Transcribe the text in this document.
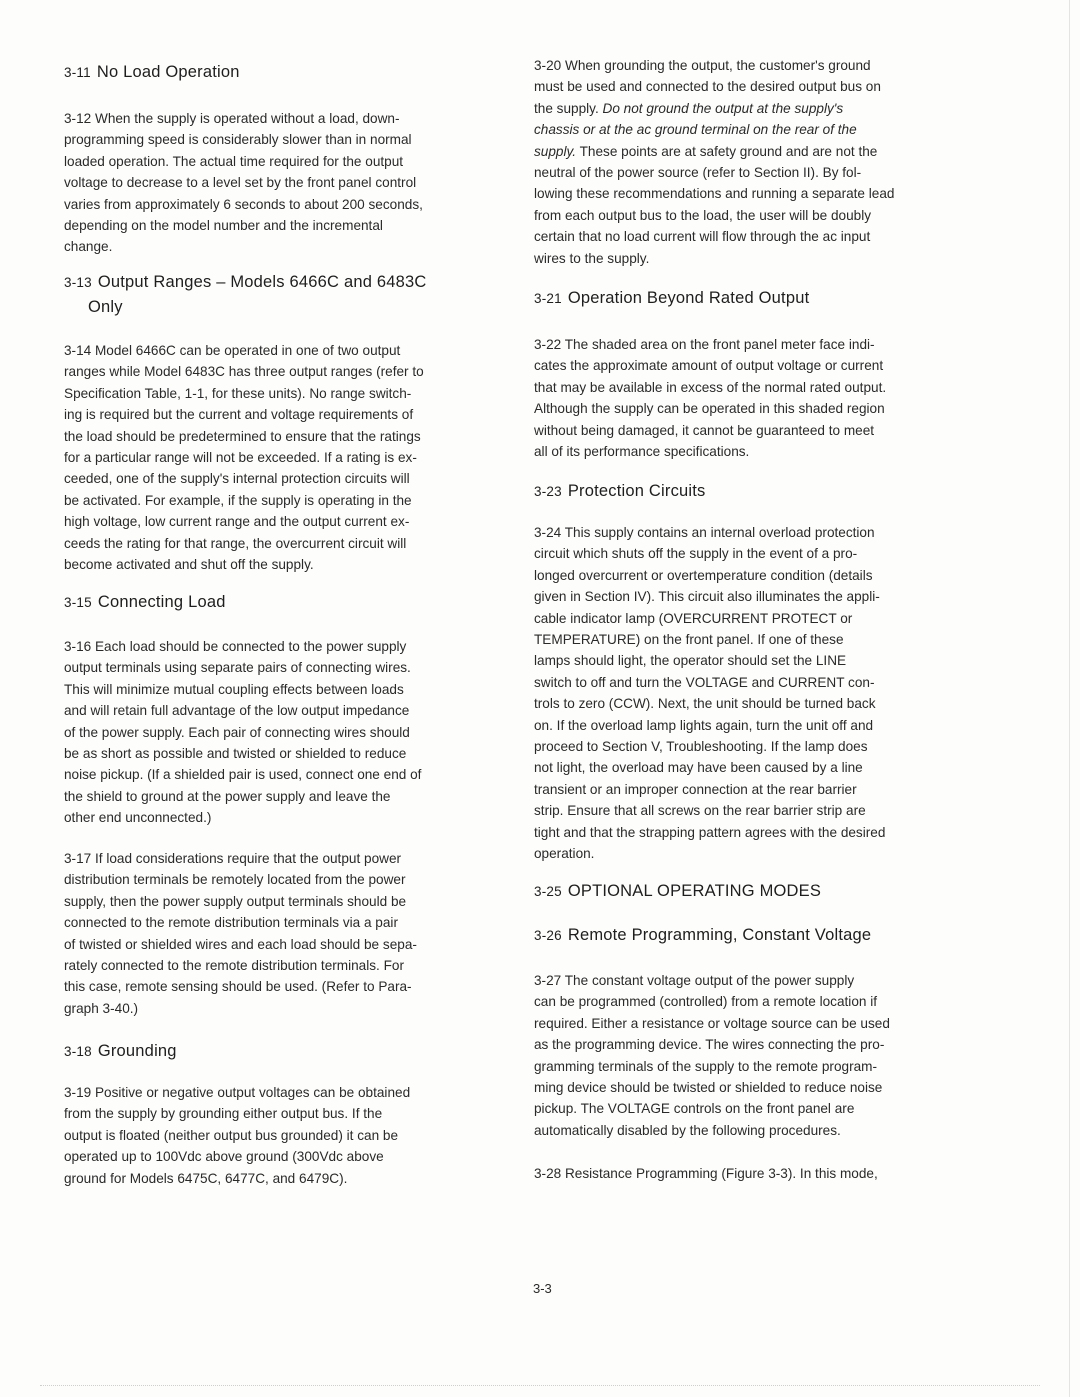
3-11 No Load Operation
3-12 When the supply is operated without a load, down-
programming speed is considerably slower than in normal
loaded operation. The actual time required for the output
voltage to decrease to a level set by the front panel control
varies from approximately 6 seconds to about 200 seconds,
depending on the model number and the incremental
change.
3-13 Output Ranges – Models 6466C and 6483C
Only
3-14 Model 6466C can be operated in one of two output
ranges while Model 6483C has three output ranges (refer to
Specification Table, 1-1, for these units). No range switch-
ing is required but the current and voltage requirements of
the load should be predetermined to ensure that the ratings
for a particular range will not be exceeded. If a rating is ex-
ceeded, one of the supply's internal protection circuits will
be activated. For example, if the supply is operating in the
high voltage, low current range and the output current ex-
ceeds the rating for that range, the overcurrent circuit will
become activated and shut off the supply.
3-15 Connecting Load
3-16 Each load should be connected to the power supply
output terminals using separate pairs of connecting wires.
This will minimize mutual coupling effects between loads
and will retain full advantage of the low output impedance
of the power supply. Each pair of connecting wires should
be as short as possible and twisted or shielded to reduce
noise pickup. (If a shielded pair is used, connect one end of
the shield to ground at the power supply and leave the
other end unconnected.)
3-17 If load considerations require that the output power
distribution terminals be remotely located from the power
supply, then the power supply output terminals should be
connected to the remote distribution terminals via a pair
of twisted or shielded wires and each load should be sepa-
rately connected to the remote distribution terminals. For
this case, remote sensing should be used. (Refer to Para-
graph 3-40.)
3-18 Grounding
3-19 Positive or negative output voltages can be obtained
from the supply by grounding either output bus. If the
output is floated (neither output bus grounded) it can be
operated up to 100Vdc above ground (300Vdc above
ground for Models 6475C, 6477C, and 6479C).
3-20 When grounding the output, the customer's ground
must be used and connected to the desired output bus on
the supply. Do not ground the output at the supply's
chassis or at the ac ground terminal on the rear of the
supply. These points are at safety ground and are not the
neutral of the power source (refer to Section II). By fol-
lowing these recommendations and running a separate lead
from each output bus to the load, the user will be doubly
certain that no load current will flow through the ac input
wires to the supply.
3-21 Operation Beyond Rated Output
3-22 The shaded area on the front panel meter face indi-
cates the approximate amount of output voltage or current
that may be available in excess of the normal rated output.
Although the supply can be operated in this shaded region
without being damaged, it cannot be guaranteed to meet
all of its performance specifications.
3-23 Protection Circuits
3-24 This supply contains an internal overload protection
circuit which shuts off the supply in the event of a pro-
longed overcurrent or overtemperature condition (details
given in Section IV). This circuit also illuminates the appli-
cable indicator lamp (OVERCURRENT PROTECT or
TEMPERATURE) on the front panel. If one of these
lamps should light, the operator should set the LINE
switch to off and turn the VOLTAGE and CURRENT con-
trols to zero (CCW). Next, the unit should be turned back
on. If the overload lamp lights again, turn the unit off and
proceed to Section V, Troubleshooting. If the lamp does
not light, the overload may have been caused by a line
transient or an improper connection at the rear barrier
strip. Ensure that all screws on the rear barrier strip are
tight and that the strapping pattern agrees with the desired
operation.
3-25 OPTIONAL OPERATING MODES
3-26 Remote Programming, Constant Voltage
3-27 The constant voltage output of the power supply
can be programmed (controlled) from a remote location if
required. Either a resistance or voltage source can be used
as the programming device. The wires connecting the pro-
gramming terminals of the supply to the remote program-
ming device should be twisted or shielded to reduce noise
pickup. The VOLTAGE controls on the front panel are
automatically disabled by the following procedures.
3-28 Resistance Programming (Figure 3-3). In this mode,
3-3
